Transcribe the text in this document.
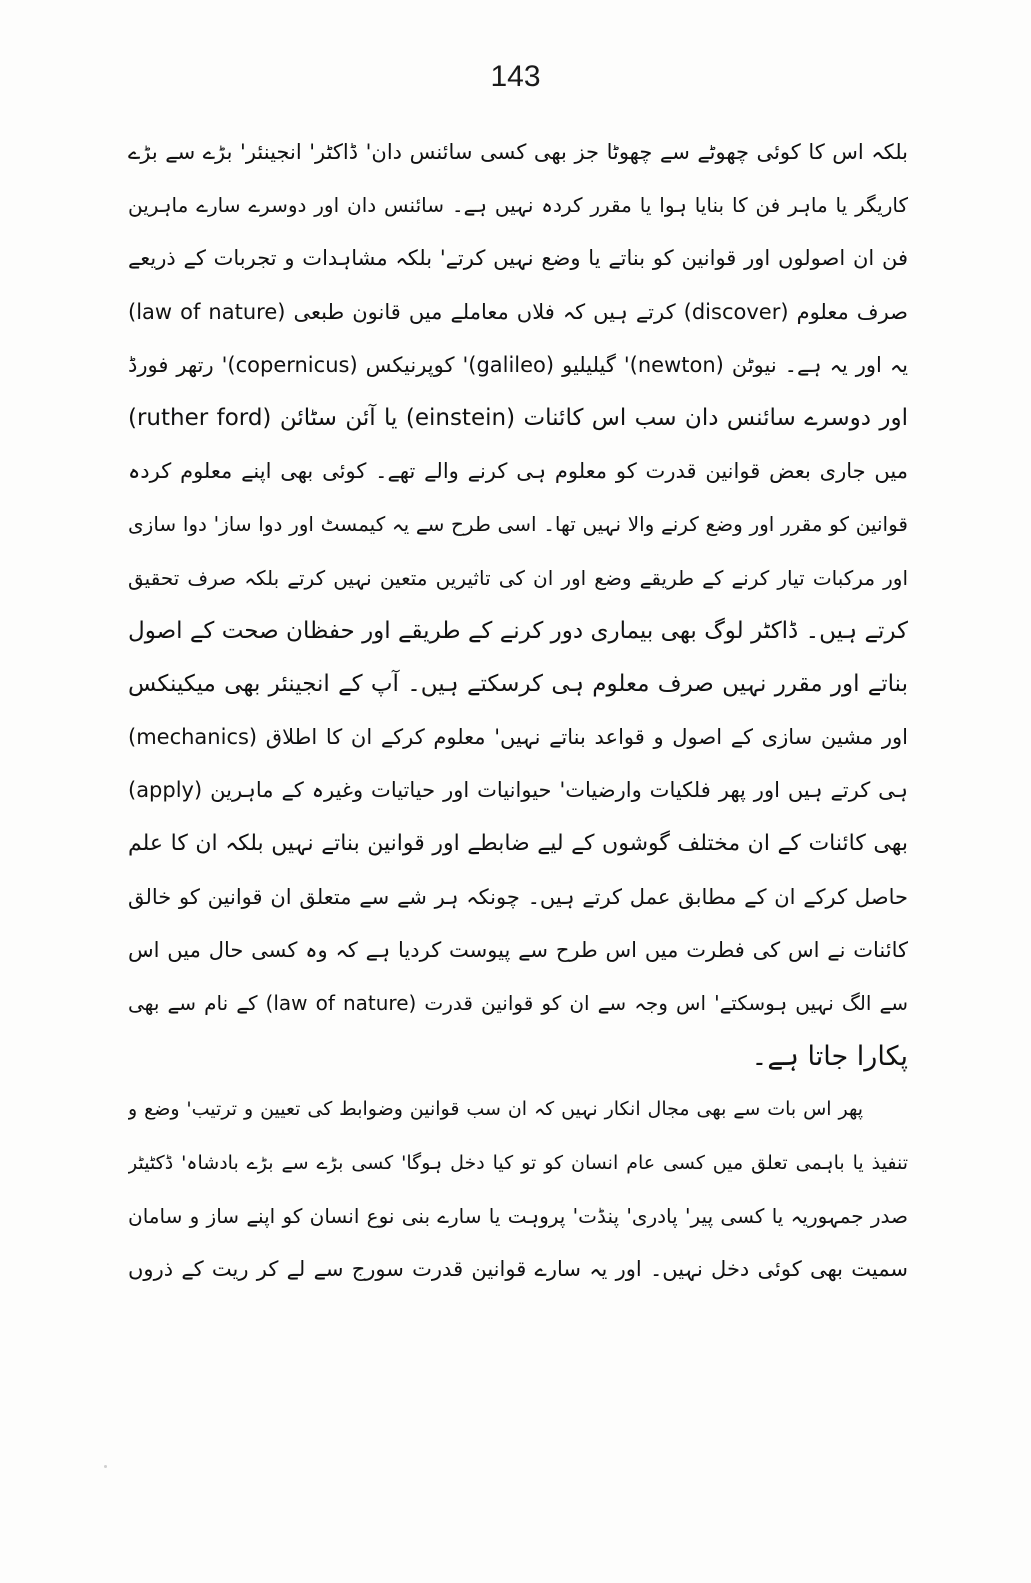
143
بلکہ اس کا کوئی چھوٹے سے چھوٹا جز بھی کسی سائنس دان' ڈاکٹر' انجینئر' بڑے سے بڑے
کاریگر یا ماہر فن کا بنایا ہوا یا مقرر کردہ نہیں ہے۔ سائنس دان اور دوسرے سارے ماہرین
فن ان اصولوں اور قوانین کو بناتے یا وضع نہیں کرتے' بلکہ مشاہدات و تجربات کے ذریعے
صرف معلوم (discover) کرتے ہیں کہ فلاں معاملے میں قانون طبعی (law of nature)
یہ اور یہ ہے۔ نیوٹن (newton)' گیلیلیو (galileo)' کوپرنیکس (copernicus)' رتھر فورڈ
(ruther ford) یا آئن سٹائن (einstein) اور دوسرے سائنس دان سب اس کائنات
میں جاری بعض قوانین قدرت کو معلوم ہی کرنے والے تھے۔ کوئی بھی اپنے معلوم کردہ
قوانین کو مقرر اور وضع کرنے والا نہیں تھا۔ اسی طرح سے یہ کیمسٹ اور دوا ساز' دوا سازی
اور مرکبات تیار کرنے کے طریقے وضع اور ان کی تاثیریں متعین نہیں کرتے بلکہ صرف تحقیق
کرتے ہیں۔ ڈاکٹر لوگ بھی بیماری دور کرنے کے طریقے اور حفظان صحت کے اصول
بناتے اور مقرر نہیں صرف معلوم ہی کرسکتے ہیں۔ آپ کے انجینئر بھی میکینکس
(mechanics) اور مشین سازی کے اصول و قواعد بناتے نہیں' معلوم کرکے ان کا اطلاق
(apply) ہی کرتے ہیں اور پھر فلکیات وارضیات' حیوانیات اور حیاتیات وغیرہ کے ماہرین
بھی کائنات کے ان مختلف گوشوں کے لیے ضابطے اور قوانین بناتے نہیں بلکہ ان کا علم
حاصل کرکے ان کے مطابق عمل کرتے ہیں۔ چونکہ ہر شے سے متعلق ان قوانین کو خالق
کائنات نے اس کی فطرت میں اس طرح سے پیوست کردیا ہے کہ وہ کسی حال میں اس
سے الگ نہیں ہوسکتے' اس وجہ سے ان کو قوانین قدرت (law of nature) کے نام سے بھی
پکارا جاتا ہے۔
پھر اس بات سے بھی مجال انکار نہیں کہ ان سب قوانین وضوابط کی تعیین و ترتیب' وضع و
تنفیذ یا باہمی تعلق میں کسی عام انسان کو تو کیا دخل ہوگا' کسی بڑے سے بڑے بادشاہ' ڈکٹیٹر
صدر جمہوریہ یا کسی پیر' پادری' پنڈت' پروہت یا سارے بنی نوع انسان کو اپنے ساز و سامان
سمیت بھی کوئی دخل نہیں۔ اور یہ سارے قوانین قدرت سورج سے لے کر ریت کے ذروں
